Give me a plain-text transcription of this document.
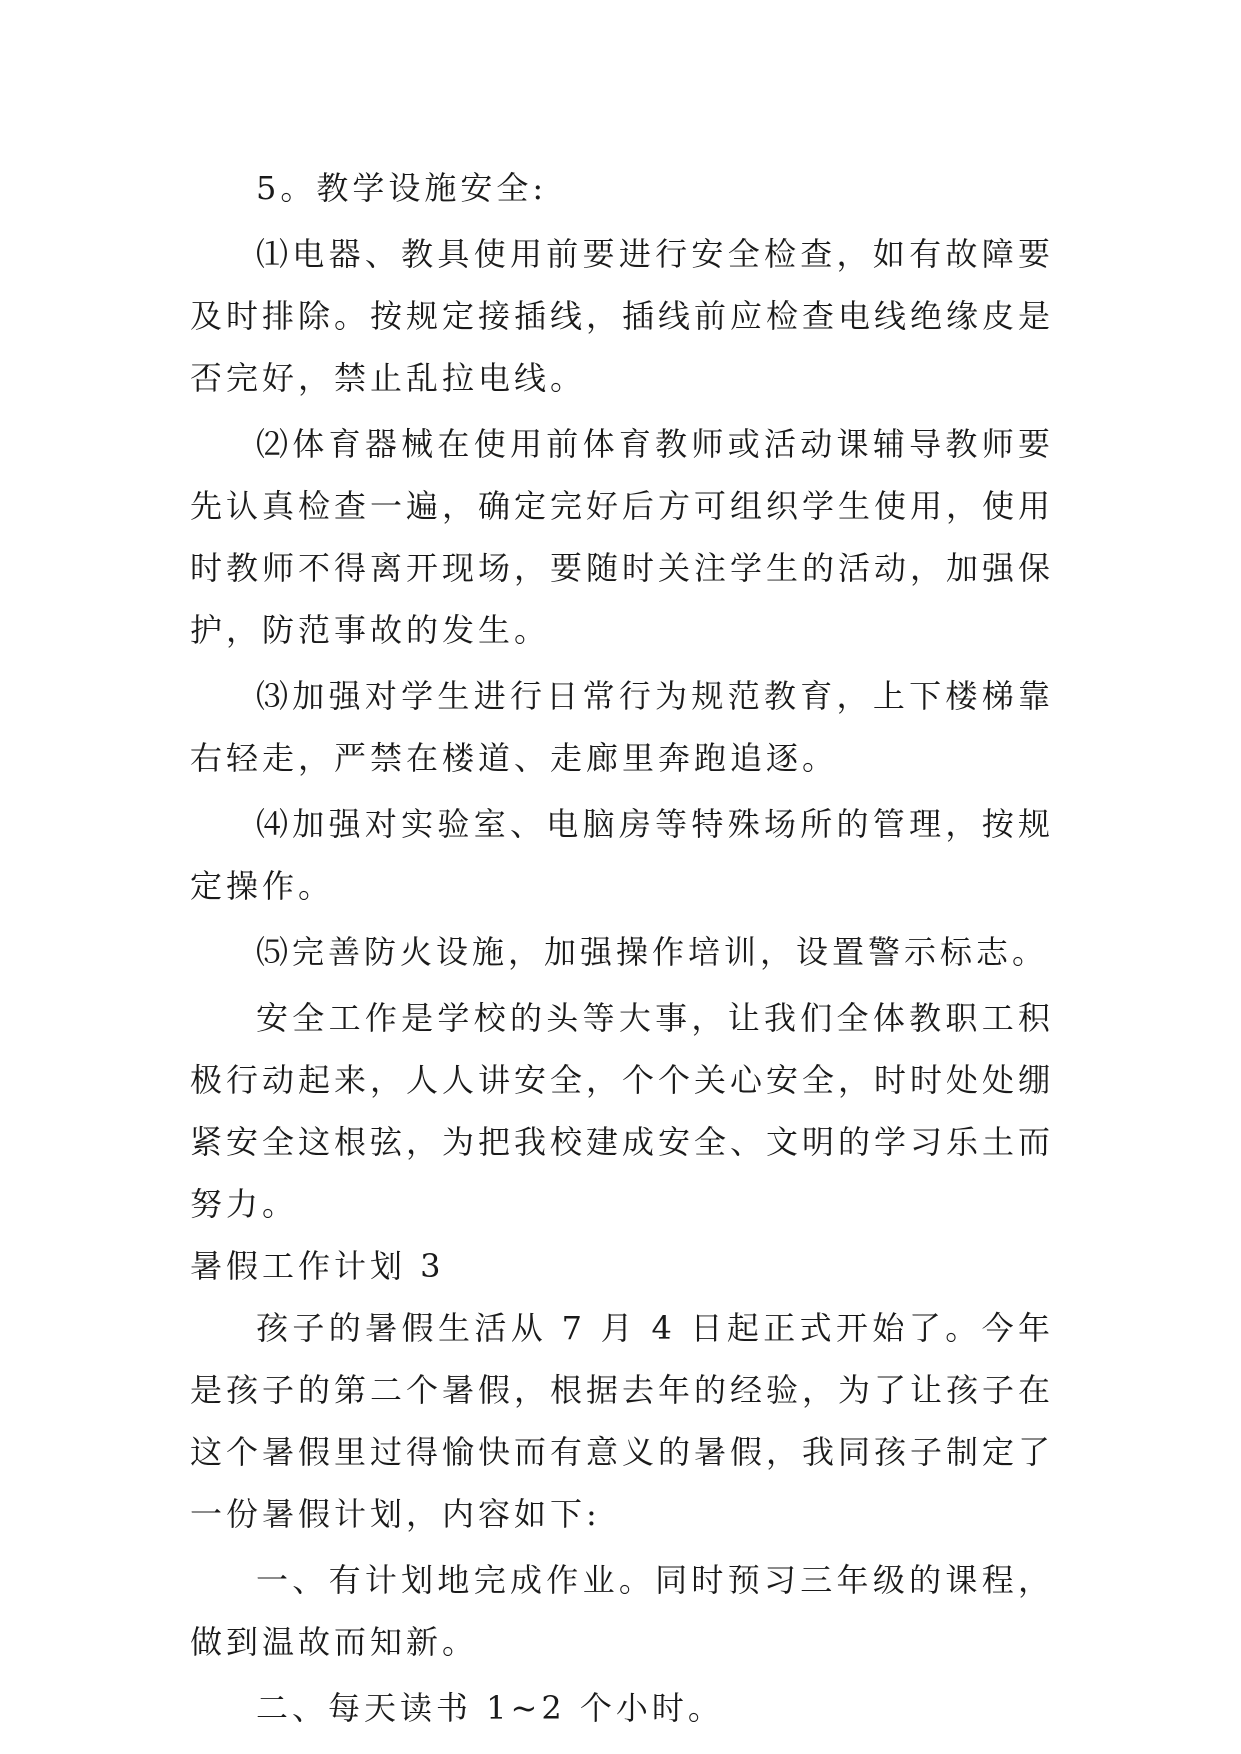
5。教学设施安全:

⑴电器、教具使用前要进行安全检查，如有故障要及时排除。按规定接插线，插线前应检查电线绝缘皮是否完好，禁止乱拉电线。

⑵体育器械在使用前体育教师或活动课辅导教师要先认真检查一遍，确定完好后方可组织学生使用，使用时教师不得离开现场，要随时关注学生的活动，加强保护，防范事故的发生。

⑶加强对学生进行日常行为规范教育，上下楼梯靠右轻走，严禁在楼道、走廊里奔跑追逐。

⑷加强对实验室、电脑房等特殊场所的管理，按规定操作。

⑸完善防火设施，加强操作培训，设置警示标志。

安全工作是学校的头等大事，让我们全体教职工积极行动起来，人人讲安全，个个关心安全，时时处处绷紧安全这根弦，为把我校建成安全、文明的学习乐土而努力。

暑假工作计划 3

孩子的暑假生活从 7 月 4 日起正式开始了。今年是孩子的第二个暑假，根据去年的经验，为了让孩子在这个暑假里过得愉快而有意义的暑假，我同孩子制定了一份暑假计划，内容如下:

一、有计划地完成作业。同时预习三年级的课程，做到温故而知新。

二、每天读书 1~2 个小时。
